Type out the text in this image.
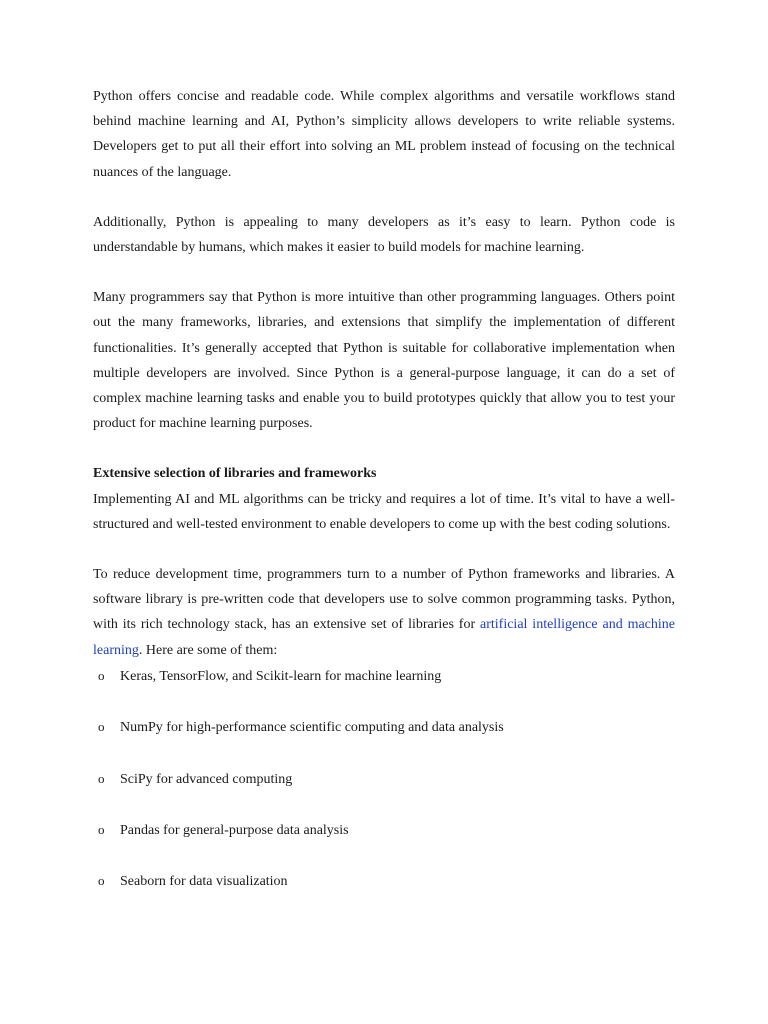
Python offers concise and readable code. While complex algorithms and versatile workflows stand behind machine learning and AI, Python’s simplicity allows developers to write reliable systems. Developers get to put all their effort into solving an ML problem instead of focusing on the technical nuances of the language.

Additionally, Python is appealing to many developers as it’s easy to learn. Python code is understandable by humans, which makes it easier to build models for machine learning.

Many programmers say that Python is more intuitive than other programming languages. Others point out the many frameworks, libraries, and extensions that simplify the implementation of different functionalities. It’s generally accepted that Python is suitable for collaborative implementation when multiple developers are involved. Since Python is a general-purpose language, it can do a set of complex machine learning tasks and enable you to build prototypes quickly that allow you to test your product for machine learning purposes.

Extensive selection of libraries and frameworks

Implementing AI and ML algorithms can be tricky and requires a lot of time. It’s vital to have a well-structured and well-tested environment to enable developers to come up with the best coding solutions.

To reduce development time, programmers turn to a number of Python frameworks and libraries. A software library is pre-written code that developers use to solve common programming tasks. Python, with its rich technology stack, has an extensive set of libraries for artificial intelligence and machine learning. Here are some of them:

o	Keras, TensorFlow, and Scikit-learn for machine learning
o	NumPy for high-performance scientific computing and data analysis
o	SciPy for advanced computing
o	Pandas for general-purpose data analysis
o	Seaborn for data visualization
